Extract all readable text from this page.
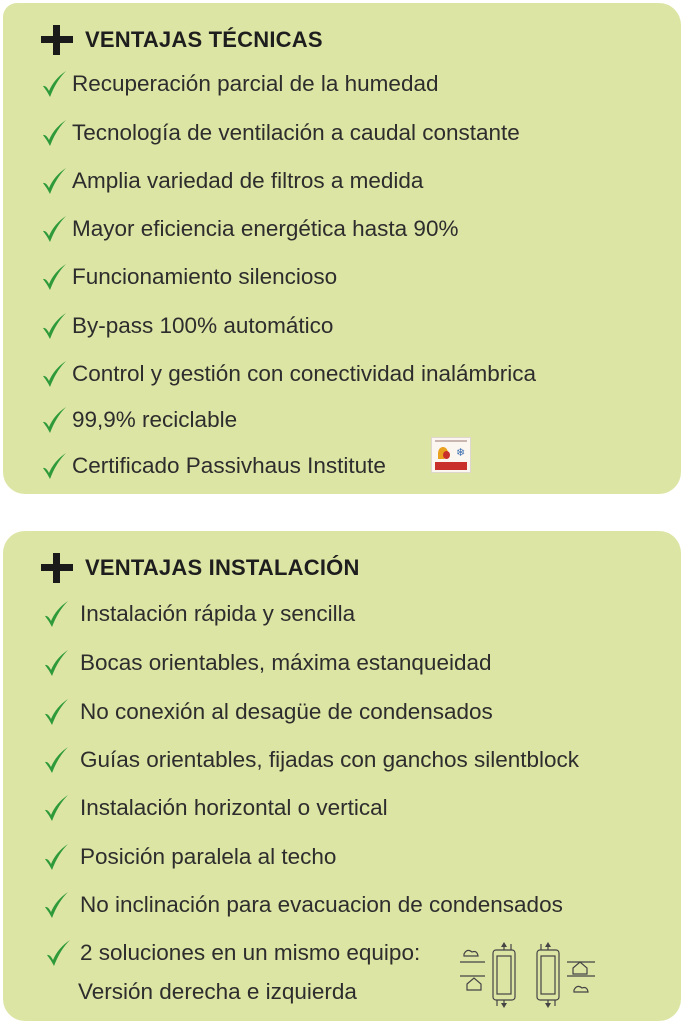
VENTAJAS TÉCNICAS
VENTAJAS INSTALACIÓN
Recuperación parcial de la humedad
Tecnología de ventilación a caudal constante
Amplia variedad de filtros a medida
Mayor eficiencia energética hasta 90%
Funcionamiento silencioso
By-pass 100% automático
Control y gestión con conectividad inalámbrica
99,9% reciclable
Certificado Passivhaus Institute
❄
Instalación rápida y sencilla
Bocas orientables, máxima estanqueidad
No conexión al desagüe de condensados
Guías orientables, fijadas con ganchos silentblock
Instalación horizontal o vertical
Posición paralela al techo
No inclinación para evacuacion de condensados
2 soluciones en un mismo equipo:
Versión derecha e izquierda
